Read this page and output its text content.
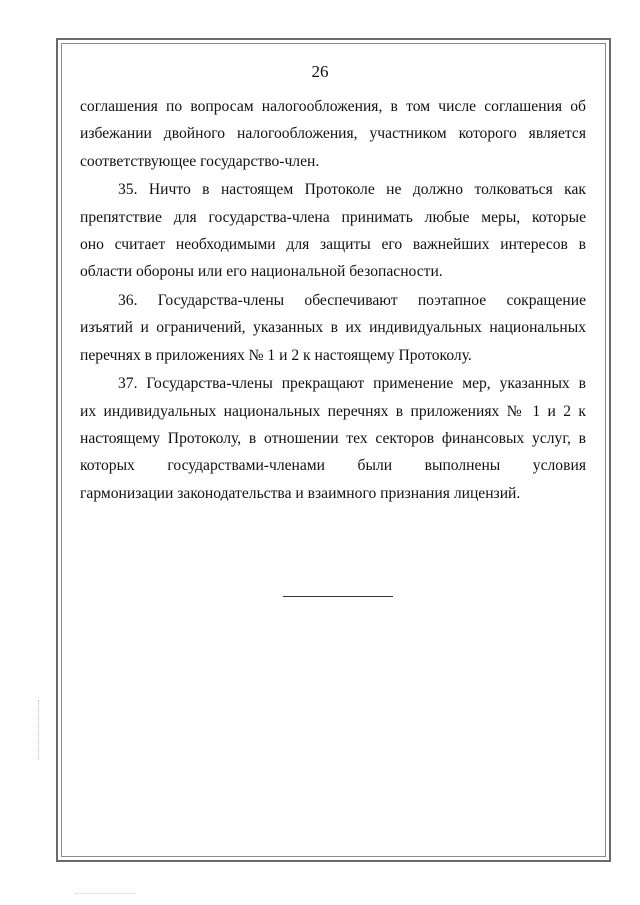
26

соглашения по вопросам налогообложения, в том числе соглашения об
избежании двойного налогообложения, участником которого является
соответствующее государство-член.

35. Ничто в настоящем Протоколе не должно толковаться как
препятствие для государства-члена принимать любые меры, которые
оно считает необходимыми для защиты его важнейших интересов в
области обороны или его национальной безопасности.

36. Государства-члены обеспечивают поэтапное сокращение
изъятий и ограничений, указанных в их индивидуальных национальных
перечнях в приложениях № 1 и 2 к настоящему Протоколу.

37. Государства-члены прекращают применение мер, указанных в
их индивидуальных национальных перечнях в приложениях № 1 и 2 к
настоящему Протоколу, в отношении тех секторов финансовых услуг, в
которых государствами-членами были выполнены условия
гармонизации законодательства и взаимного признания лицензий.
